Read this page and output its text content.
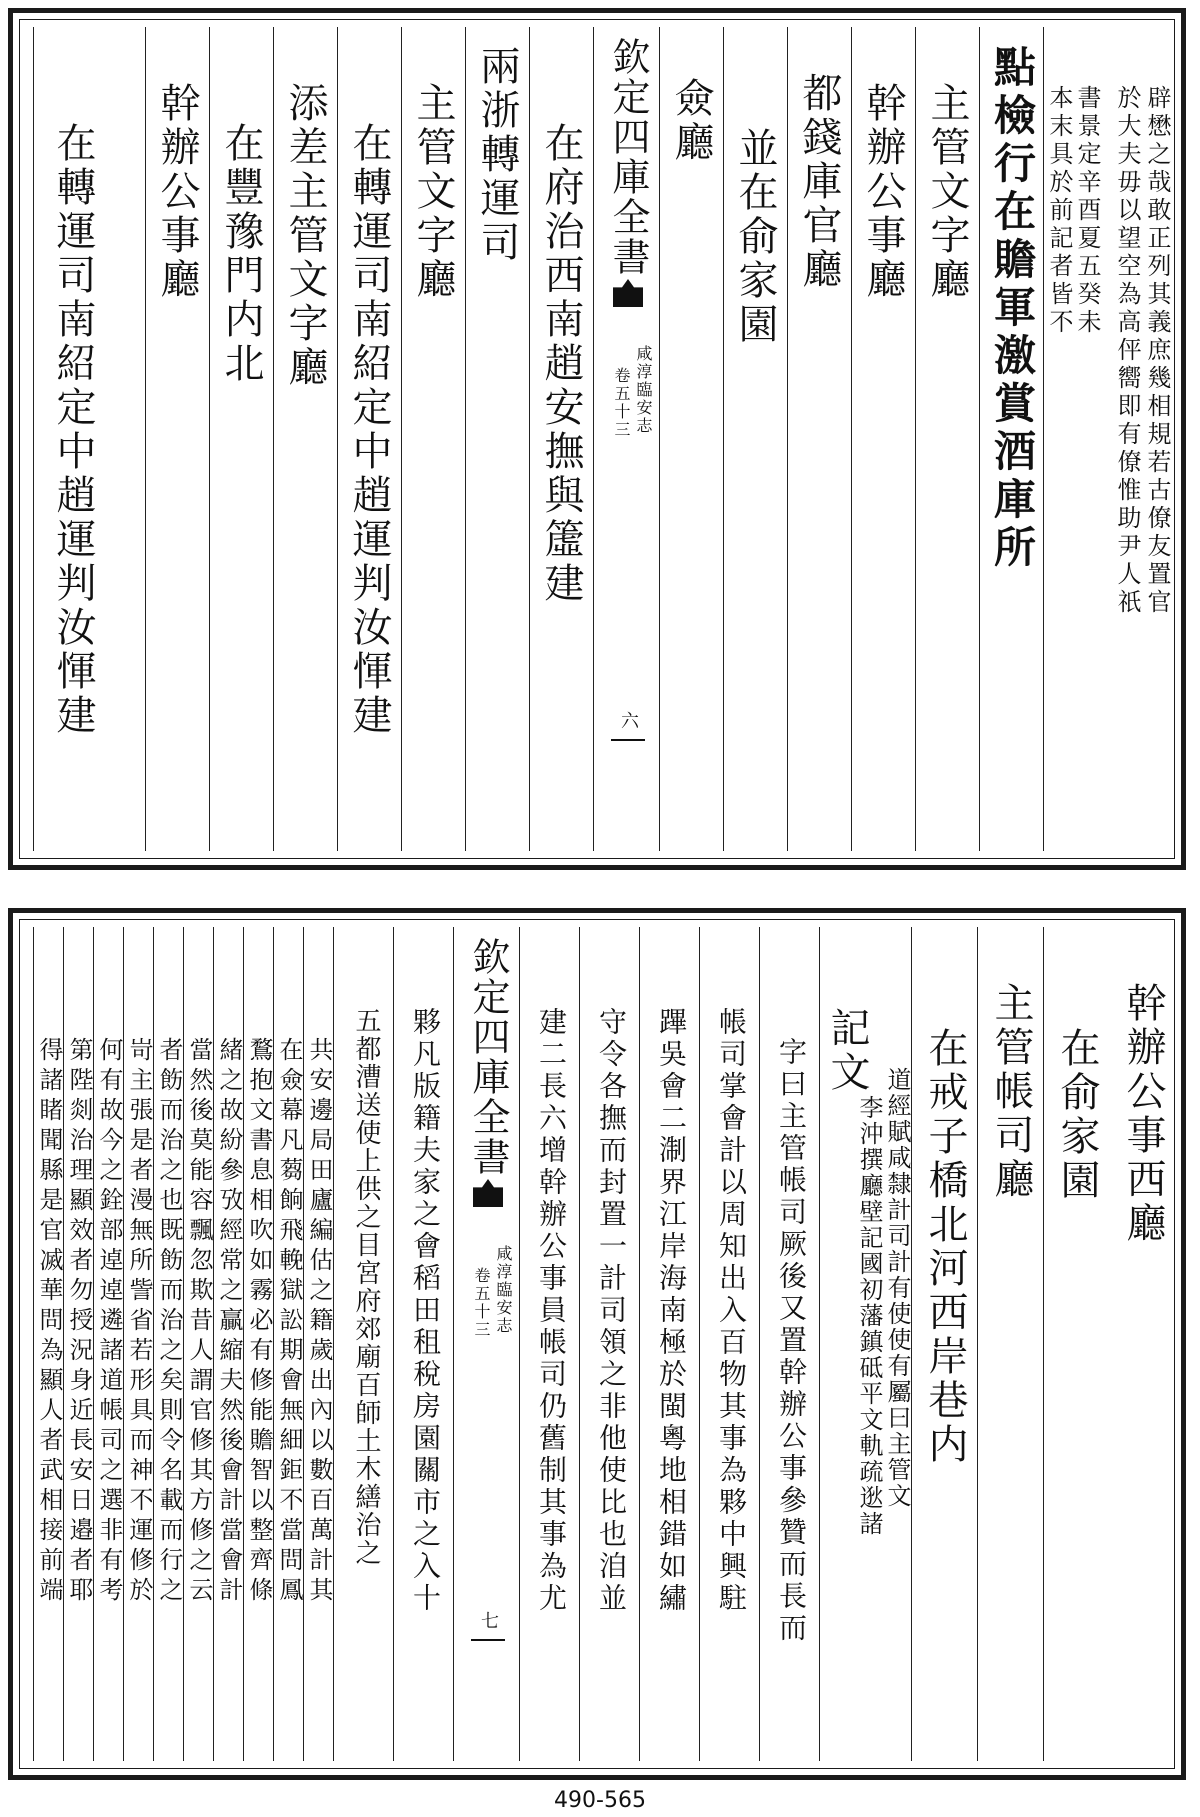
於大夫毋以望空為高伻嚮即有僚惟助尹人祇 辟懋之哉敢正列其義庶幾相規若古僚友置官
本末具於前記者皆不 書景定辛酉夏五癸未
點檢行在贍軍激賞酒庫所
主管文字廳
幹辦公事廳
都錢庫官廳
並在俞家園
僉廳
欽定四庫全書
咸淳臨安志
卷五十三
六
在府治西南趙安撫與𥲤建
兩浙轉運司
主管文字廳
在轉運司南紹定中趙運判汝惲建
添差主管文字廳
在豐豫門内北
幹辦公事廳
在轉運司南紹定中趙運判汝惲建
幹辦公事西廳
在俞家園
主管帳司廳
在戒子橋北河西岸巷内
記文
李沖撰廳壁記國初藩鎮砥平文軌疏逖諸 道經賦咸隸計司計有使使有屬曰主管文
字曰主管帳司厥後又置幹辦公事參贊而長而
帳司掌會計以周知出入百物其事為夥中興駐
蹕吳會二淛界江岸海南極於閩粵地相錯如繡
守令各撫而封置一計司領之非他使比也洎並
建二長六增幹辦公事員帳司仍舊制其事為尤
欽定四庫全書
咸淳臨安志
卷五十三
七
夥凡版籍夫家之會稻田租稅房園關市之入十
五都漕送使上供之目宮府郊廟百師土木繕治之
共安邊局田廬編估之籍歲出內以數百萬計其
在僉幕凡蒭餉飛輓獄訟期會無細鉅不當問鳳
鶩抱文書息相吹如霧必有修能贍智以整齊條
緒之故紛參攷經常之贏縮夫然後會計當會計
當然後莫能容飄忽欺昔人謂官修其方修之云
者飭而治之也既飭而治之矣則令名載而行之
岢主張是者漫無所訾省若形具而神不運修於
何有故今之銓部逴逴遴諸道帳司之選非有考
第陛剡治理顯效者勿授況身近長安日邉者耶
得諸睹聞縣是官㓕華問為顯人者武相接前端
490-565
